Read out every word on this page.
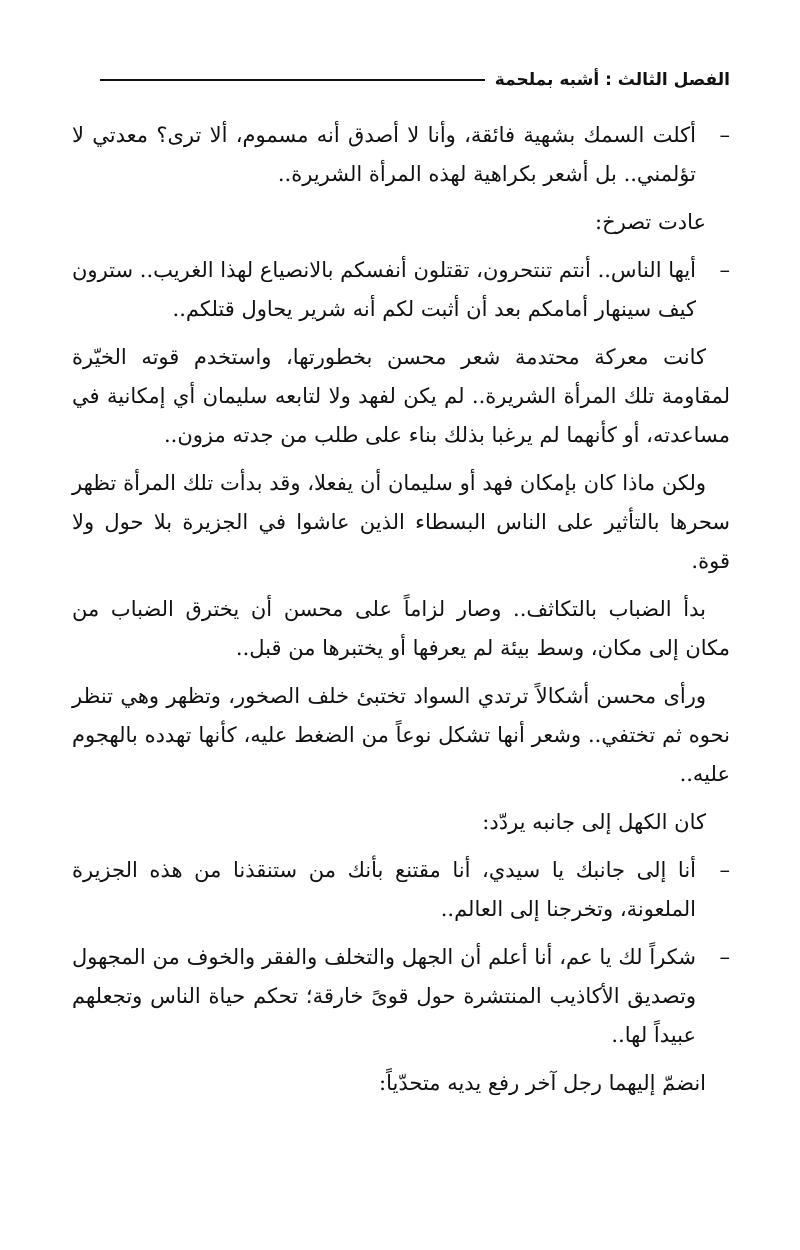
الفصل الثالث : أشبه بملحمة
–
أكلت السمك بشهية فائقة، وأنا لا أصدق أنه مسموم، ألا ترى؟ معدتي لا تؤلمني.. بل أشعر بكراهية لهذه المرأة الشريرة..

عادت تصرخ:

–
أيها الناس.. أنتم تنتحرون، تقتلون أنفسكم بالانصياع لهذا الغريب.. سترون كيف سينهار أمامكم بعد أن أثبت لكم أنه شرير يحاول قتلكم..

كانت معركة محتدمة شعر محسن بخطورتها، واستخدم قوته الخيّرة لمقاومة تلك المرأة الشريرة.. لم يكن لفهد ولا لتابعه سليمان أي إمكانية في مساعدته، أو كأنهما لم يرغبا بذلك بناء على طلب من جدته مزون..

ولكن ماذا كان بإمكان فهد أو سليمان أن يفعلا، وقد بدأت تلك المرأة تظهر سحرها بالتأثير على الناس البسطاء الذين عاشوا في الجزيرة بلا حول ولا قوة.

بدأ الضباب بالتكاثف.. وصار لزاماً على محسن أن يخترق الضباب من مكان إلى مكان، وسط بيئة لم يعرفها أو يختبرها من قبل..

ورأى محسن أشكالاً ترتدي السواد تختبئ خلف الصخور، وتظهر وهي تنظر نحوه ثم تختفي.. وشعر أنها تشكل نوعاً من الضغط عليه، كأنها تهدده بالهجوم عليه..

كان الكهل إلى جانبه يردّد:

–
أنا إلى جانبك يا سيدي، أنا مقتنع بأنك من ستنقذنا من هذه الجزيرة الملعونة، وتخرجنا إلى العالم..
–
شكراً لك يا عم، أنا أعلم أن الجهل والتخلف والفقر والخوف من المجهول وتصديق الأكاذيب المنتشرة حول قوىً خارقة؛ تحكم حياة الناس وتجعلهم عبيداً لها..

انضمّ إليهما رجل آخر رفع يديه متحدّياً:
